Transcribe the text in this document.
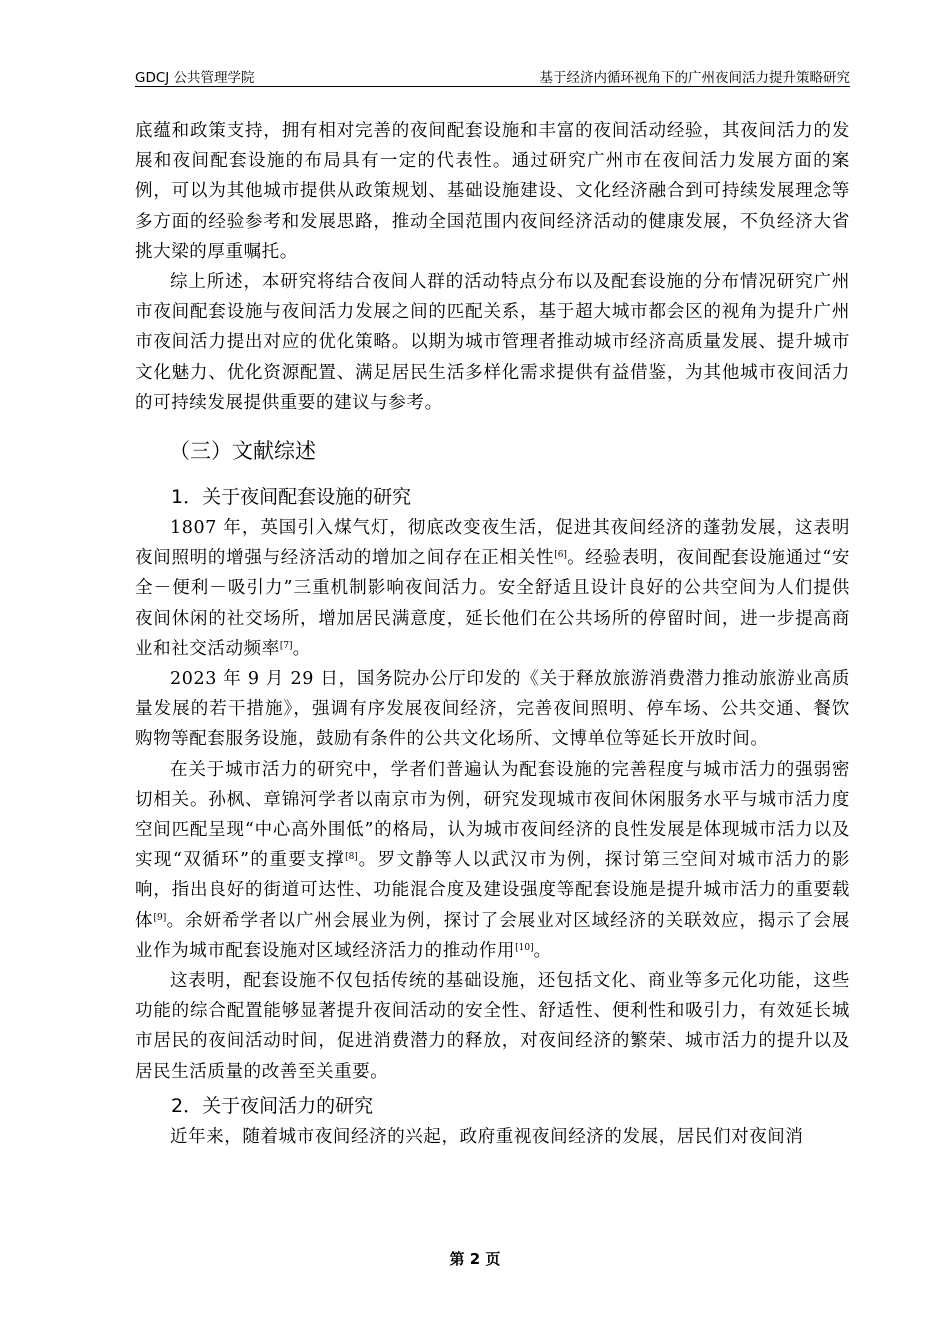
GDCJ 公共管理学院	基于经济内循环视角下的广州夜间活力提升策略研究

底蕴和政策支持，拥有相对完善的夜间配套设施和丰富的夜间活动经验，其夜间活力的发展和夜间配套设施的布局具有一定的代表性。通过研究广州市在夜间活力发展方面的案例，可以为其他城市提供从政策规划、基础设施建设、文化经济融合到可持续发展理念等多方面的经验参考和发展思路，推动全国范围内夜间经济活动的健康发展，不负经济大省挑大梁的厚重嘱托。

综上所述，本研究将结合夜间人群的活动特点分布以及配套设施的分布情况研究广州市夜间配套设施与夜间活力发展之间的匹配关系，基于超大城市都会区的视角为提升广州市夜间活力提出对应的优化策略。以期为城市管理者推动城市经济高质量发展、提升城市文化魅力、优化资源配置、满足居民生活多样化需求提供有益借鉴，为其他城市夜间活力的可持续发展提供重要的建议与参考。

（三）文献综述
1．关于夜间配套设施的研究

1807 年，英国引入煤气灯，彻底改变夜生活，促进其夜间经济的蓬勃发展，这表明夜间照明的增强与经济活动的增加之间存在正相关性[6]。经验表明，夜间配套设施通过“安全－便利－吸引力”三重机制影响夜间活力。安全舒适且设计良好的公共空间为人们提供夜间休闲的社交场所，增加居民满意度，延长他们在公共场所的停留时间，进一步提高商业和社交活动频率[7]。

2023 年 9 月 29 日，国务院办公厅印发的《关于释放旅游消费潜力推动旅游业高质量发展的若干措施》，强调有序发展夜间经济，完善夜间照明、停车场、公共交通、餐饮购物等配套服务设施，鼓励有条件的公共文化场所、文博单位等延长开放时间。

在关于城市活力的研究中，学者们普遍认为配套设施的完善程度与城市活力的强弱密切相关。孙枫、章锦河学者以南京市为例，研究发现城市夜间休闲服务水平与城市活力度空间匹配呈现“中心高外围低”的格局，认为城市夜间经济的良性发展是体现城市活力以及实现“双循环”的重要支撑[8]。罗文静等人以武汉市为例，探讨第三空间对城市活力的影响，指出良好的街道可达性、功能混合度及建设强度等配套设施是提升城市活力的重要载体[9]。余妍希学者以广州会展业为例，探讨了会展业对区域经济的关联效应，揭示了会展业作为城市配套设施对区域经济活力的推动作用[10]。

这表明，配套设施不仅包括传统的基础设施，还包括文化、商业等多元化功能，这些功能的综合配置能够显著提升夜间活动的安全性、舒适性、便利性和吸引力，有效延长城市居民的夜间活动时间，促进消费潜力的释放，对夜间经济的繁荣、城市活力的提升以及居民生活质量的改善至关重要。

2．关于夜间活力的研究

近年来，随着城市夜间经济的兴起，政府重视夜间经济的发展，居民们对夜间消

第 2 页
